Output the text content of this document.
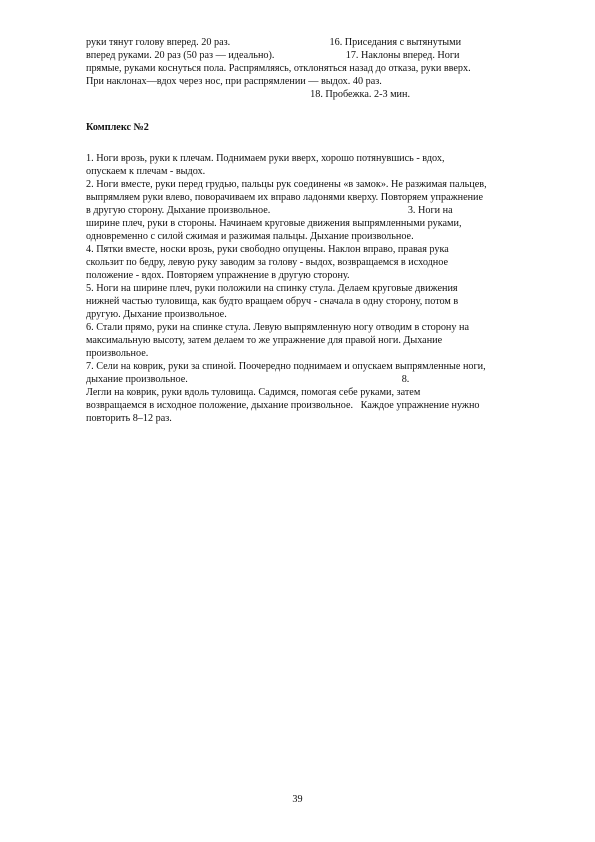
руки тянут голову вперед. 20 раз.                                       16. Приседания с вытянутыми
вперед руками. 20 раз (50 раз — идеально).                            17. Наклоны вперед. Ноги
прямые, руками коснуться пола. Распрямляясь, отклоняться назад до отказа, руки вверх.
При наклонах—вдох через нос, при распрямлении — выдох. 40 раз.
18. Пробежка. 2-3 мин.
Комплекс №2
1. Ноги врозь, руки к плечам. Поднимаем руки вверх, хорошо потянувшись - вдох,
опускаем к плечам - выдох.
2. Ноги вместе, руки перед грудью, пальцы рук соединены «в замок». Не разжимая пальцев,
выпрямляем руки влево, поворачиваем их вправо ладонями кверху. Повторяем упражнение
в другую сторону. Дыхание произвольное.                                                      3. Ноги на
ширине плеч, руки в стороны. Начинаем круговые движения выпрямленными руками,
одновременно с силой сжимая и разжимая пальцы. Дыхание произвольное.
4. Пятки вместе, носки врозь, руки свободно опущены. Наклон вправо, правая рука
скользит по бедру, левую руку заводим за голову - выдох, возвращаемся в исходное
положение - вдох. Повторяем упражнение в другую сторону.
5. Ноги на ширине плеч, руки положили на спинку стула. Делаем круговые движения
нижней частью туловища, как будто вращаем обруч - сначала в одну сторону, потом в
другую. Дыхание произвольное.
6. Стали прямо, руки на спинке стула. Левую выпрямленную ногу отводим в сторону на
максимальную высоту, затем делаем то же упражнение для правой ноги. Дыхание
произвольное.
7. Сели на коврик, руки за спиной. Поочередно поднимаем и опускаем выпрямленные ноги,
дыхание произвольное.                                                                                    8.
Легли на коврик, руки вдоль туловища. Садимся, помогая себе руками, затем
возвращаемся в исходное положение, дыхание произвольное.   Каждое упражнение нужно
повторить 8–12 раз.
39
